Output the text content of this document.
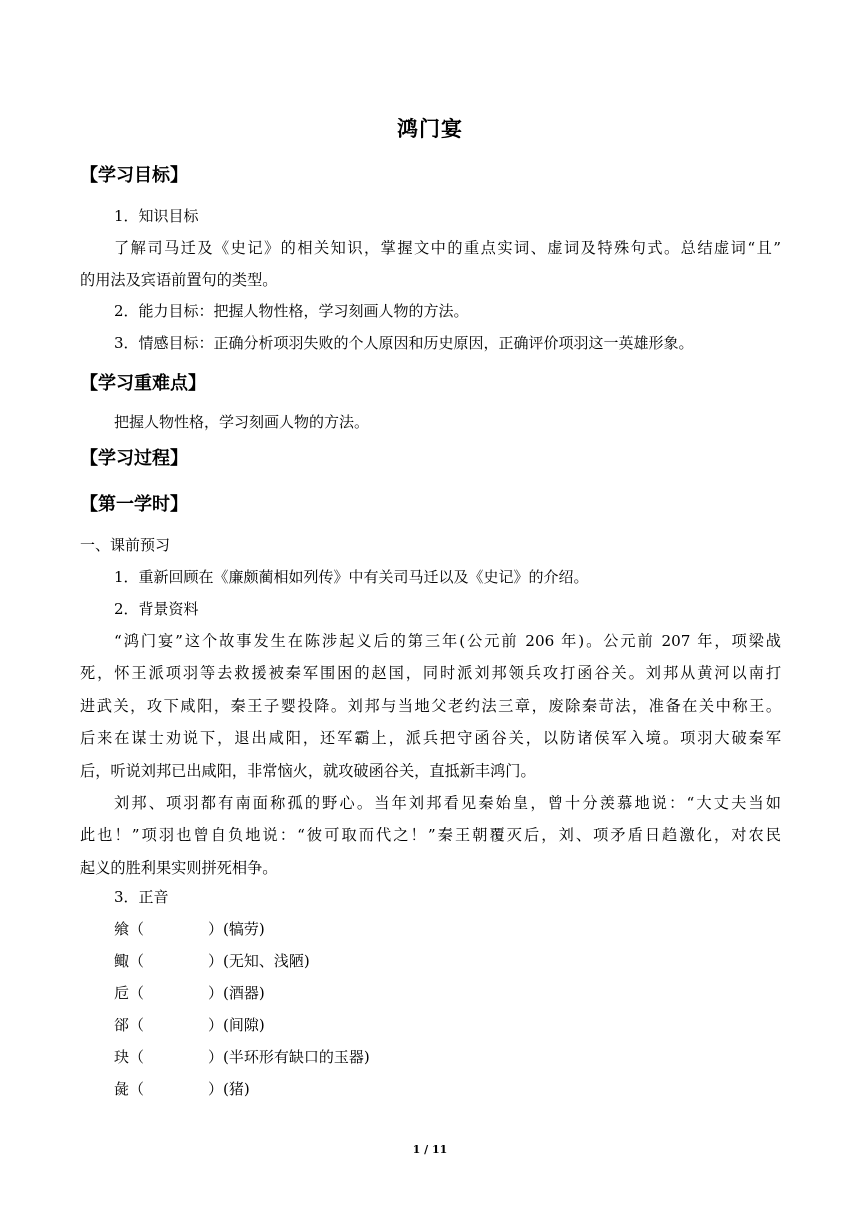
鸿门宴
【学习目标】
1．知识目标
了解司马迁及《史记》的相关知识，掌握文中的重点实词、虚词及特殊句式。总结虚词“且”
的用法及宾语前置句的类型。
2．能力目标：把握人物性格，学习刻画人物的方法。
3．情感目标：正确分析项羽失败的个人原因和历史原因，正确评价项羽这一英雄形象。
【学习重难点】
把握人物性格，学习刻画人物的方法。
【学习过程】
【第一学时】
一、课前预习
1．重新回顾在《廉颇蔺相如列传》中有关司马迁以及《史记》的介绍。
2．背景资料
“鸿门宴”这个故事发生在陈涉起义后的第三年(公元前 206 年)。公元前 207 年，项梁战
死，怀王派项羽等去救援被秦军围困的赵国，同时派刘邦领兵攻打函谷关。刘邦从黄河以南打
进武关，攻下咸阳，秦王子婴投降。刘邦与当地父老约法三章，废除秦苛法，准备在关中称王。
后来在谋士劝说下，退出咸阳，还军霸上，派兵把守函谷关，以防诸侯军入境。项羽大破秦军
后，听说刘邦已出咸阳，非常恼火，就攻破函谷关，直抵新丰鸿门。
刘邦、项羽都有南面称孤的野心。当年刘邦看见秦始皇，曾十分羡慕地说：“大丈夫当如
此也！”项羽也曾自负地说：“彼可取而代之！”秦王朝覆灭后，刘、项矛盾日趋激化，对农民
起义的胜利果实则拼死相争。
3．正音
飨（	）(犒劳)
鲰（	）(无知、浅陋)
卮（	）(酒器)
郤（	）(间隙)
玦（	）(半环形有缺口的玉器)
彘（	）(猪)
1 / 11
